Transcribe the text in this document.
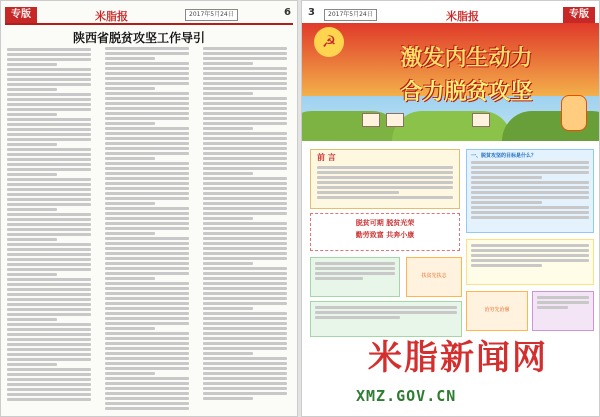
专版	米脂报	2017年5月24日	6
陕西省脱贫攻坚工作导引
3	2017年5月24日	米脂报	专版
☭
激发内生动力
合力脱贫攻坚
前 言	一、脱贫攻坚的目标是什么？
脱贫可期 脱贫光荣
勤劳致富 共奔小康
扶贫先扶志
治穷先治愚
米脂新闻网
XMZ.GOV.CN
